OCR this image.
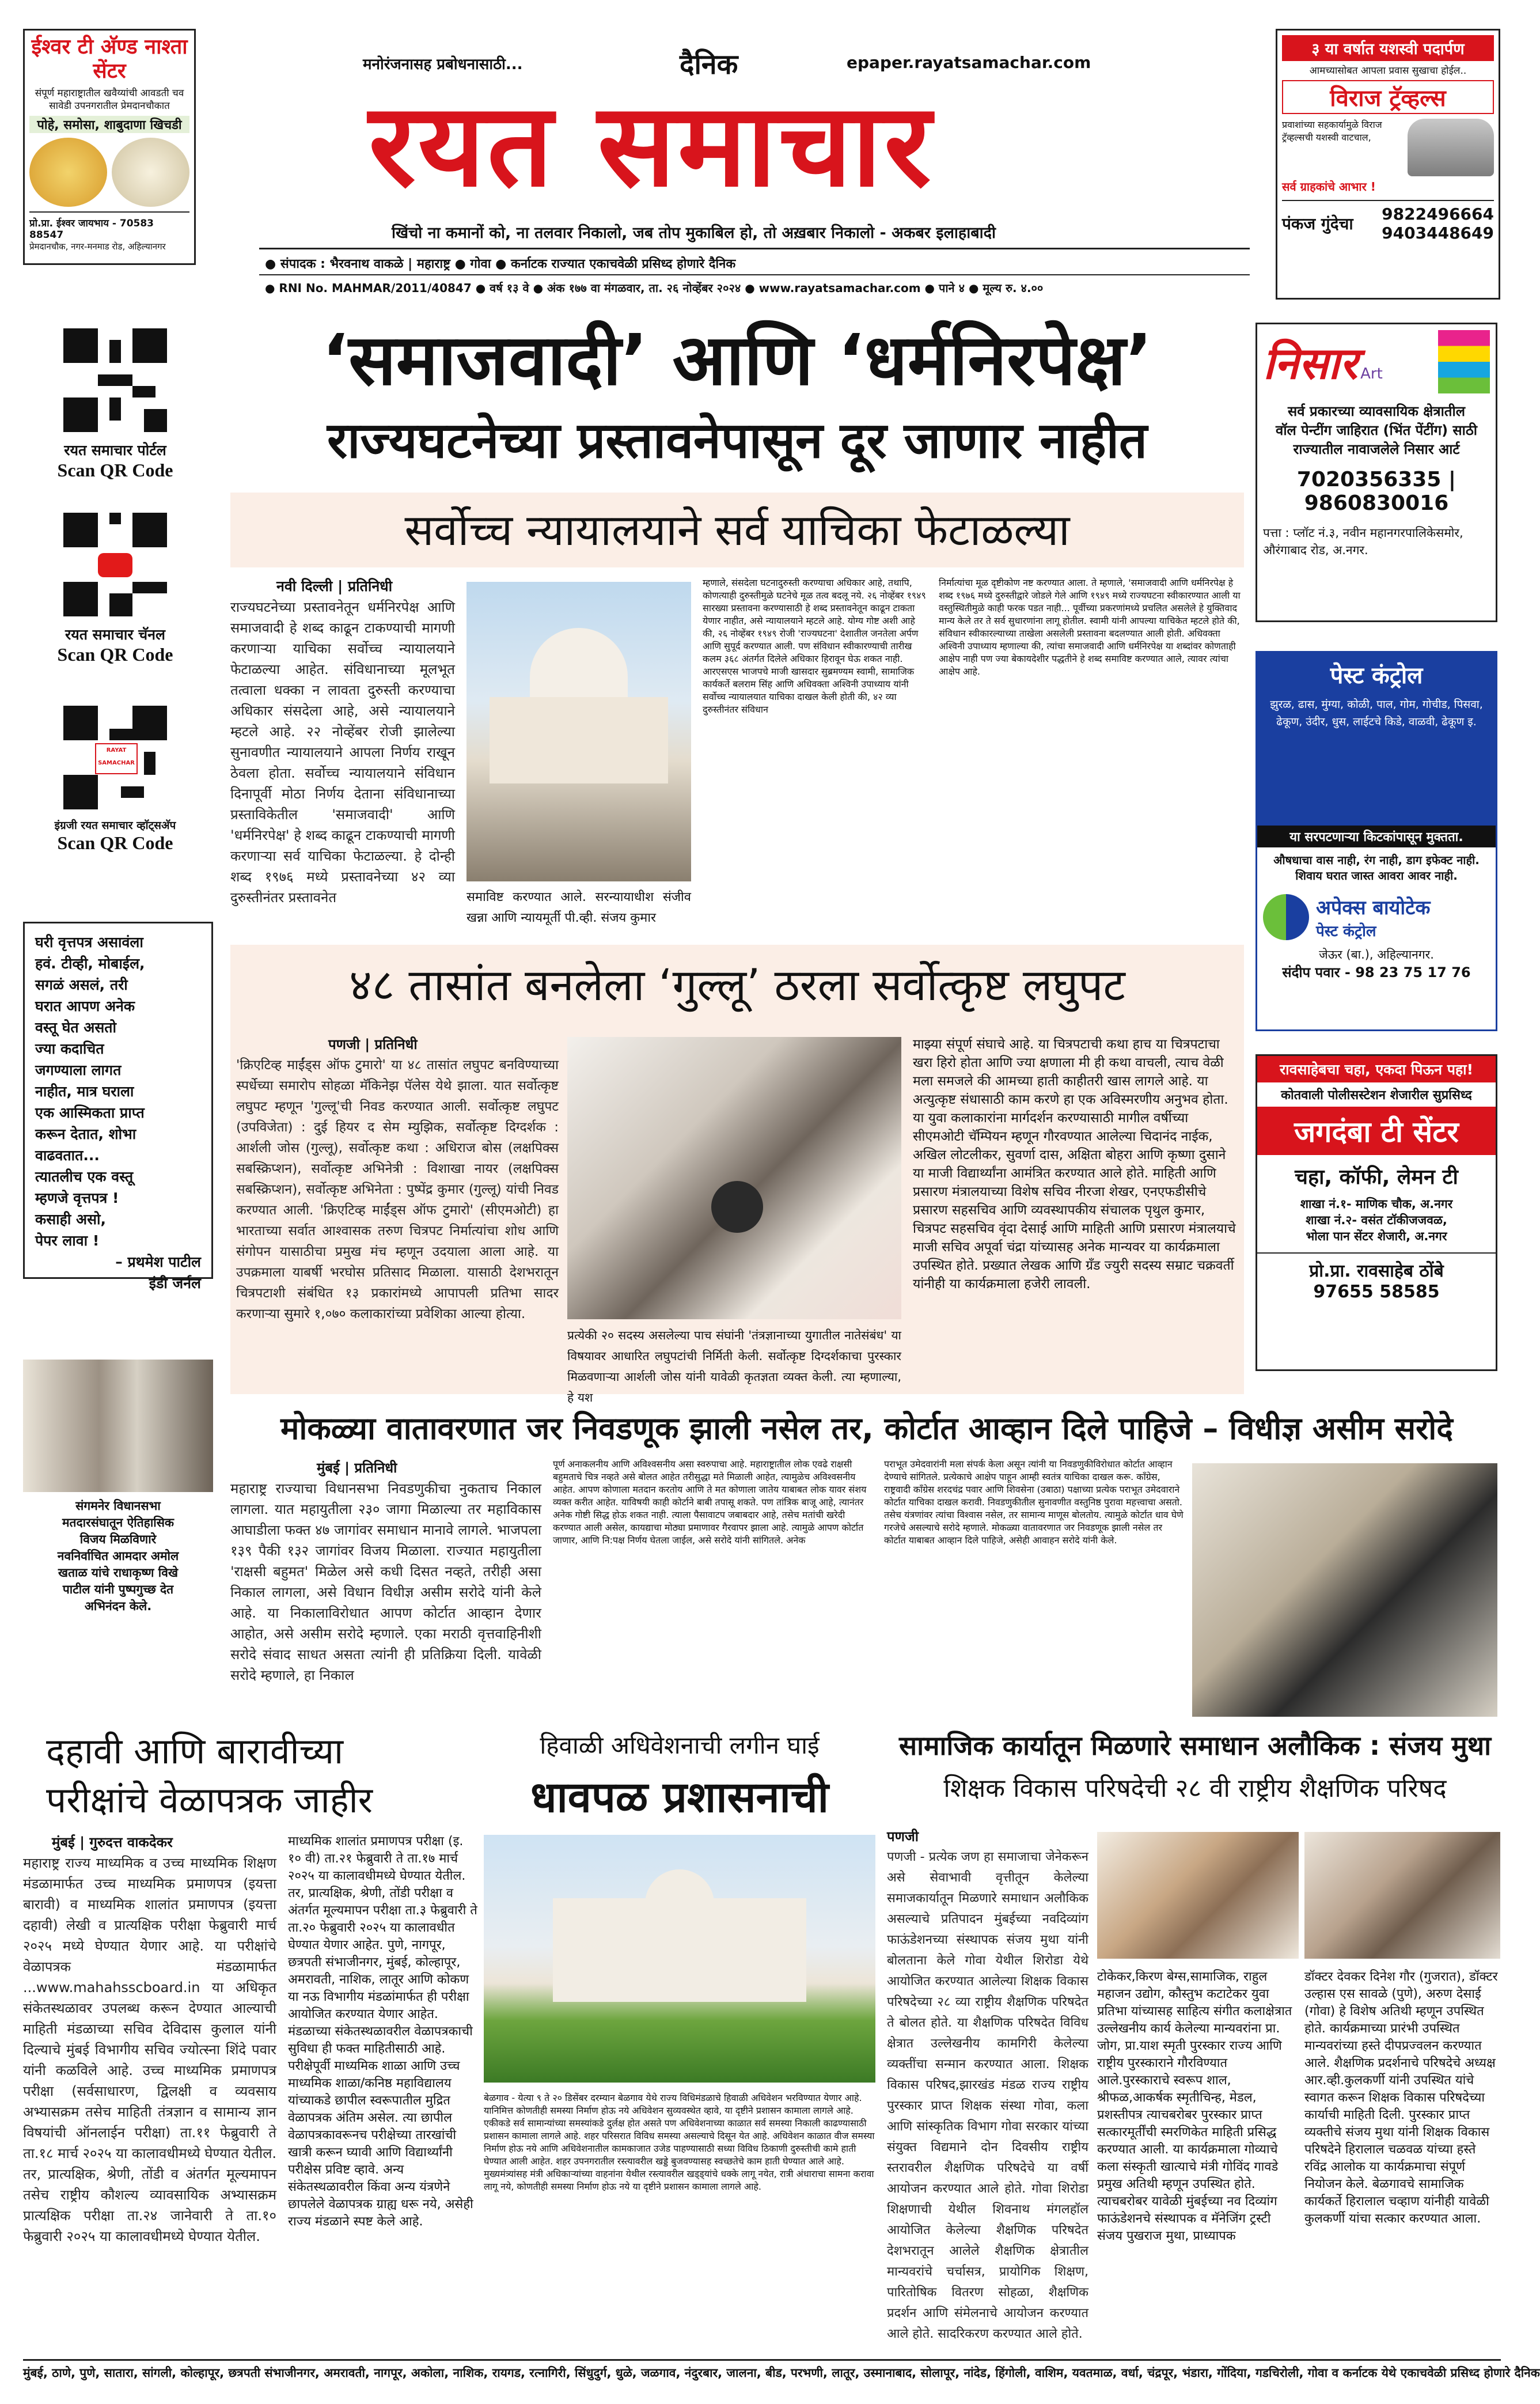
ईश्वर टी अ‍ॅण्ड नाश्ता सेंटर
संपूर्ण महाराष्ट्रातील खवैय्यांची आवडती चव सावेडी उपनगरातील प्रेमदानचौकात
पोहे, समोसा, शाबुदाणा खिचडी
प्रो.प्रा. ईश्वर जायभाय - 70583 88547
प्रेमदानचौक, नगर-मनमाड रोड, अहिल्यानगर
मनोरंजनासह प्रबोधनासाठी...	दैनिक	epaper.rayatsamachar.com
रयत समाचार
खिंचो ना कमानों को, ना तलवार निकालो, जब तोप मुकाबिल हो, तो अख़बार निकालो - अकबर इलाहाबादी
● संपादक : भैरवनाथ वाकळे | महाराष्ट्र ● गोवा ● कर्नाटक राज्यात एकाचवेळी प्रसिध्द होणारे दैनिक
● RNI No. MAHMAR/2011/40847 ● वर्ष १३ वे ● अंक १७७ वा मंगळवार, ता. २६ नोव्हेंबर २०२४ ● www.rayatsamachar.com ● पाने ४ ● मूल्य रु. ४.००
३ या वर्षात यशस्वी पदार्पण
आमच्यासोबत आपला प्रवास सुखाचा होईल..
विराज ट्रॅव्हल्स
प्रवाशांच्या सहकार्यामुळे विराज ट्रॅव्हल्सची यशस्वी वाटचाल,
सर्व ग्राहकांचे आभार !
पंकज गुंदेचा
9822496664
9403448649
रयत समाचार पोर्टल
Scan QR Code
रयत समाचार चॅनल
Scan QR Code
RAYAT SAMACHAR
इंग्रजी रयत समाचार व्हाॅट्सअ‍ॅप
Scan QR Code
घरी वृत्तपत्र असावंला
हवं. टीव्ही, मोबाईल,
सगळं असलं, तरी
घरात आपण अनेक
वस्तू घेत असतो
ज्या कदाचित
जगण्याला लागत
नाहीत, मात्र घराला
एक आस्मिकता प्राप्त
करून देतात, शोभा
वाढवतात...
त्यातलीच एक वस्तू
म्हणजे वृत्तपत्र !
कसाही असो,
पेपर लावा !
– प्रथमेश पाटील
इंडी जर्नल
संगमनेर विधानसभा
मतदारसंघातून ऐतिहासिक
विजय मिळविणारे
नवनिर्वाचित आमदार अमोल
खताळ यांचे राधाकृष्ण विखे
पाटील यांनी पुष्पगुच्छ देत
अभिनंदन केले.
‘समाजवादी’ आणि ‘धर्मनिरपेक्ष’
राज्यघटनेच्या प्रस्तावनेपासून दूर जाणार नाहीत
सर्वोच्च न्यायालयाने सर्व याचिका फेटाळल्या
नवी दिल्ली | प्रतिनिधी
राज्यघटनेच्या प्रस्तावनेतून धर्मनिरपेक्ष आणि समाजवादी हे शब्द काढून टाकण्याची मागणी करणाऱ्या याचिका सर्वोच्च न्यायालयाने फेटाळल्या आहेत. संविधानाच्या मूलभूत तत्वाला धक्का न लावता दुरुस्ती करण्याचा अधिकार संसदेला आहे, असे न्यायालयाने म्हटले आहे. २२ नोव्हेंबर रोजी झालेल्या सुनावणीत न्यायालयाने आपला निर्णय राखून ठेवला होता. सर्वोच्च न्यायालयाने संविधान दिनापूर्वी मोठा निर्णय देताना संविधानाच्या प्रस्ताविकेतील 'समाजवादी' आणि 'धर्मनिरपेक्ष' हे शब्द काढून टाकण्याची मागणी करणाऱ्या सर्व याचिका फेटाळल्या. हे दोन्ही शब्द १९७६ मध्ये प्रस्तावनेच्या ४२ व्या दुरुस्तीनंतर प्रस्तावनेत	समाविष्ट करण्यात आले. सरन्यायाधीश संजीव खन्ना आणि न्यायमूर्ती पी.व्ही. संजय कुमार
म्हणाले, संसदेला घटनादुरुस्ती करण्याचा अधिकार आहे, तथापि, कोणत्याही दुरुस्तीमुळे घटनेचे मूळ तत्व बदलू नये. २६ नोव्हेंबर १९४९ सारख्या प्रस्तावना करण्यासाठी हे शब्द प्रस्तावनेतून काढून टाकता येणार नाहीत, असे न्यायालयाने म्हटले आहे. योग्य गोष्ट अशी आहे की, २६ नोव्हेंबर १९४९ रोजी 'राज्यघटना' देशातील जनतेला अर्पण आणि सुपूर्द करण्यात आली. पण संविधान स्वीकारण्याची तारीख कलम ३६८ अंतर्गत दिलेले अधिकार हिरावून घेऊ शकत नाही. आरएसएस भाजपचे माजी खासदार सुब्रमण्यम स्वामी, सामाजिक कार्यकर्ते बलराम सिंह आणि अधिवक्ता अश्विनी उपाध्याय यांनी सर्वोच्च न्यायालयात याचिका दाखल केली होती की, ४२ व्या दुरुस्तीनंतर संविधान
निर्मात्यांचा मूळ दृष्टीकोण नष्ट करण्यात आला. ते म्हणाले, 'समाजवादी आणि धर्मनिरपेक्ष हे शब्द १९७६ मध्ये दुरुस्तीद्वारे जोडले गेले आणि १९४९ मध्ये राज्यघटना स्वीकारण्यात आली या वस्तुस्थितीमुळे काही फरक पडत नाही... पूर्वीच्या प्रकरणांमध्ये प्रचलित असलेले हे युक्तिवाद मान्य केले तर ते सर्व सुधारणांना लागू होतील. स्वामी यांनी आपल्या याचिकेत म्हटले होते की, संविधान स्वीकारल्याच्या ताखेला असलेली प्रस्तावना बदलण्यात आली होती. अधिवक्ता अश्विनी उपाध्याय म्हणाल्या की, त्यांचा समाजवादी आणि धर्मनिरपेक्ष या शब्दांवर कोणताही आक्षेप नाही पण ज्या बेकायदेशीर पद्धतीने हे शब्द समाविष्ट करण्यात आले, त्यावर त्यांचा आक्षेप आहे.
निसार Art
सर्व प्रकारच्या व्यावसायिक क्षेत्रातील
वॉल पेन्टींग जाहिरात (भिंत पेंटींग) साठी
राज्यातील नावाजलेले निसार आर्ट
7020356335 | 9860830016
पत्ता : प्लॉट नं.३, नवीन महानगरपालिकेसमोर, औरंगाबाद रोड, अ.नगर.
पेस्ट कंट्रोल
झुरळ, ढास, मुंग्या, कोळी, पाल, गोम, गोचीड, पिसवा, ढेकूण, उंदीर, धुस, लाईटचे किडे, वाळवी, ढेकूण इ.
या सरपटणाऱ्या किटकांपासून मुक्तता.
औषधाचा वास नाही, रंग नाही, डाग इफेक्ट नाही.
शिवाय घरात जास्त आवरा आवर नाही.
अपेक्स बायोटेक
पेस्ट कंट्रोल
जेऊर (बा.), अहिल्यानगर.
संदीप पवार - 98 23 75 17 76
रावसाहेबचा चहा, एकदा पिऊन पहा!
कोतवाली पोलीसस्टेशन शेजारील सुप्रसिध्द
जगदंबा टी सेंटर
चहा, कॉफी, लेमन टी
शाखा नं.१- माणिक चौक, अ.नगर
शाखा नं.२- वसंत टॉकीजजवळ,
भोला पान सेंटर शेजारी, अ.नगर
प्रो.प्रा. रावसाहेब ठोंबे
97655 58585
४८ तासांत बनलेला ‘गुल्लू’ ठरला सर्वोत्कृष्ट लघुपट
पणजी | प्रतिनिधी
'क्रिएटिव्ह माईंड्स ऑफ टुमारो' या ४८ तासांत लघुपट बनविण्याच्या स्पर्धेच्या समारोप सोहळा मॅकिनेझ पॅलेस येथे झाला. यात सर्वोत्कृष्ट लघुपट म्हणून 'गुल्लू'ची निवड करण्यात आली. सर्वोत्कृष्ट लघुपट (उपविजेता) : दुई हियर द सेम म्युझिक, सर्वोत्कृष्ट दिग्दर्शक : आर्शली जोस (गुल्लू), सर्वोत्कृष्ट कथा : अधिराज बोस (लक्षपिक्स सबस्क्रिप्शन), सर्वोत्कृष्ट अभिनेत्री : विशाखा नायर (लक्षपिक्स सबस्क्रिप्शन), सर्वोत्कृष्ट अभिनेता : पुष्पेंद्र कुमार (गुल्लू) यांची निवड करण्यात आली. 'क्रिएटिव्ह माईंड्स ऑफ टुमारो' (सीएमओटी) हा भारताच्या सर्वात आश्वासक तरुण चित्रपट निर्मात्यांचा शोध आणि संगोपन यासाठीचा प्रमुख मंच म्हणून उदयाला आला आहे. या उपक्रमाला याबर्षी भरघोस प्रतिसाद मिळाला. यासाठी देशभरातून चित्रपटाशी संबंधित १३ प्रकारांमध्ये आपापली प्रतिभा सादर करणाऱ्या सुमारे १,०७० कलाकारांच्या प्रवेशिका आल्या होत्या.
प्रत्येकी २० सदस्य असलेल्या पाच संघांनी 'तंत्रज्ञानाच्या युगातील नातेसंबंध' या विषयावर आधारित लघुपटांची निर्मिती केली. सर्वोत्कृष्ट दिग्दर्शकाचा पुरस्कार मिळवणाऱ्या आर्शली जोस यांनी यावेळी कृतज्ञता व्यक्त केली. त्या म्हणाल्या, हे यश
माझ्या संपूर्ण संघाचे आहे. या चित्रपटाची कथा हाच या चित्रपटाचा खरा हिरो होता आणि ज्या क्षणाला मी ही कथा वाचली, त्याच वेळी मला समजले की आमच्या हाती काहीतरी खास लागले आहे. या अत्युत्कृष्ट संधासाठी काम करणे हा एक अविस्मरणीय अनुभव होता. या युवा कलाकारांना मार्गदर्शन करण्यासाठी मागील वर्षीच्या सीएमओटी चॅम्पियन म्हणून गौरवण्यात आलेल्या चिदानंद नाईक, अखिल लोटलीकर, सुवर्णा दास, अक्षिता बोहरा आणि कृष्णा दुसाने या माजी विद्यार्थ्यांना आमंत्रित करण्यात आले होते. माहिती आणि प्रसारण मंत्रालयाच्या विशेष सचिव नीरजा शेखर, एनएफडीसीचे प्रसारण सहसचिव आणि व्यवस्थापकीय संचालक पृथुल कुमार, चित्रपट सहसचिव वृंदा देसाई आणि माहिती आणि प्रसारण मंत्रालयाचे माजी सचिव अपूर्वा चंद्रा यांच्यासह अनेक मान्यवर या कार्यक्रमाला उपस्थित होते. प्रख्यात लेखक आणि ग्रँड ज्युरी सदस्य सम्राट चक्रवर्ती यांनीही या कार्यक्रमाला हजेरी लावली.
मोकळ्या वातावरणात जर निवडणूक झाली नसेल तर, कोर्टात आव्हान दिले पाहिजे – विधीज्ञ असीम सरोदे
मुंबई | प्रतिनिधी
महाराष्ट्र राज्याचा विधानसभा निवडणुकीचा नुकताच निकाल लागला. यात महायुतीला २३० जागा मिळाल्या तर महाविकास आघाडीला फक्त ४७ जागांवर समाधान मानावे लागले. भाजपला १३९ पैकी १३२ जागांवर विजय मिळाला. राज्यात महायुतीला 'राक्षसी बहुमत' मिळेल असे कधी दिसत नव्हते, तरीही असा निकाल लागला, असे विधान विधीज्ञ असीम सरोदे यांनी केले आहे. या निकालाविरोधात आपण कोर्टात आव्हान देणार आहोत, असे असीम सरोदे म्हणाले. एका मराठी वृत्तवाहिनीशी सरोदे संवाद साधत असता त्यांनी ही प्रतिक्रिया दिली. यावेळी सरोदे म्हणाले, हा निकाल
पूर्ण अनाकलनीय आणि अविश्वसनीय असा स्वरुपाचा आहे. महाराष्ट्रातील लोक एवढे राक्षसी बहुमताचे चित्र नव्हते असे बोलत आहेत तरीसुद्धा मते मिळाली आहेत, त्यामुळेच अविश्वसनीय आहेत. आपण कोणाला मतदान करतोय आणि ते मत कोणाला जातेय याबाबत लोक यावर संशय व्यक्त करीत आहेत. याविषयी काही कोर्टाने बाबी तपासू शकते. पण तांत्रिक बाजू आहे, त्यानंतर अनेक गोष्टी सिद्ध होऊ शकत नाही. त्याला पैसावाटप जबाबदार आहे, तसेच मतांची खरेदी करण्यात आली असेल, कायद्याचा मोठ्या प्रमाणावर गैरवापर झाला आहे. त्यामुळे आपण कोर्टात जाणार, आणि नि:पक्ष निर्णय घेतला जाईल, असे सरोदे यांनी सांगितले. अनेक
पराभूत उमेदवारांनी मला संपर्क केला असून त्यांनी या निवडणुकीविरोधात कोर्टात आव्हान देण्याचे सांगितले. प्रत्येकाचे आक्षेप पाहून आम्ही स्वतंत्र याचिका दाखल करू. काँग्रेस, राष्ट्रवादी काँग्रेस शरदचंद्र पवार आणि शिवसेना (उबाठा) पक्षाच्या प्रत्येक पराभूत उमेदवाराने कोर्टात याचिका दाखल करावी. निवडणुकीतील सुनावणीत वस्तुनिष्ठ पुरावा महत्त्वाचा असतो. तसेच यंत्रणांवर त्यांचा विश्वास नसेल, तर सामान्य माणूस बोलतोय. त्यामुळे कोर्टात धाव घेणे गरजेचे असल्याचे सरोदे म्हणाले. मोकळ्या वातावरणात जर निवडणूक झाली नसेल तर कोर्टात याबाबत आव्हान दिले पाहिजे, असेही आवाहन सरोदे यांनी केले.
दहावी आणि बारावीच्या
परीक्षांचे वेळापत्रक जाहीर
मुंबई | गुरुदत्त वाकदेकर
महाराष्ट्र राज्य माध्यमिक व उच्च माध्यमिक शिक्षण मंडळामार्फत उच्च माध्यमिक प्रमाणपत्र (इयत्ता बारावी) व माध्यमिक शालांत प्रमाणपत्र (इयत्ता दहावी) लेखी व प्रात्यक्षिक परीक्षा फेब्रुवारी मार्च २०२५ मध्ये घेण्यात येणार आहे. या परीक्षांचे वेळापत्रक मंडळामार्फत ...www.mahahsscboard.in या अधिकृत संकेतस्थळावर उपलब्ध करून देण्यात आल्याची माहिती मंडळाच्या सचिव देविदास कुलाल यांनी दिल्याचे मुंबई विभागीय सचिव ज्योत्स्ना शिंदे पवार यांनी कळविले आहे. उच्च माध्यमिक प्रमाणपत्र परीक्षा (सर्वसाधारण, द्विलक्षी व व्यवसाय अभ्यासक्रम तसेच माहिती तंत्रज्ञान व सामान्य ज्ञान विषयांची ऑनलाईन परीक्षा) ता.११ फेब्रुवारी ते ता.१८ मार्च २०२५ या कालावधीमध्ये घेण्यात येतील. तर, प्रात्यक्षिक, श्रेणी, तोंडी व अंतर्गत मूल्यमापन तसेच राष्ट्रीय कौशल्य व्यावसायिक अभ्यासक्रम प्रात्यक्षिक परीक्षा ता.२४ जानेवारी ते ता.१० फेब्रुवारी २०२५ या कालावधीमध्ये घेण्यात येतील.
माध्यमिक शालांत प्रमाणपत्र परीक्षा (इ. १० वी) ता.२१ फेब्रुवारी ते ता.१७ मार्च २०२५ या कालावधीमध्ये घेण्यात येतील. तर, प्रात्यक्षिक, श्रेणी, तोंडी परीक्षा व अंतर्गत मूल्यमापन परीक्षा ता.३ फेब्रुवारी ते ता.२० फेब्रुवारी २०२५ या कालावधीत घेण्यात येणार आहेत. पुणे, नागपूर, छत्रपती संभाजीनगर, मुंबई, कोल्हापूर, अमरावती, नाशिक, लातूर आणि कोकण या नऊ विभागीय मंडळांमार्फत ही परीक्षा आयोजित करण्यात येणार आहेत. मंडळाच्या संकेतस्थळावरील वेळापत्रकाची सुविधा ही फक्त माहितीसाठी आहे. परीक्षेपूर्वी माध्यमिक शाळा आणि उच्च माध्यमिक शाळा/कनिष्ठ महाविद्यालय यांच्याकडे छापील स्वरूपातील मुद्रित वेळापत्रक अंतिम असेल. त्या छापील वेळापत्रकावरूनच परीक्षेच्या तारखांची खात्री करून घ्यावी आणि विद्यार्थ्यांनी परीक्षेस प्रविष्ट व्हावे. अन्य संकेतस्थळावरील किंवा अन्य यंत्रणेने छापलेले वेळापत्रक ग्राह्य धरू नये, असेही राज्य मंडळाने स्पष्ट केले आहे.
हिवाळी अधिवेशनाची लगीन घाई
धावपळ प्रशासनाची
बेळगाव - येत्या ९ ते २० डिसेंबर दरम्यान बेळगाव येथे राज्य विधिमंडळाचे हिवाळी अधिवेशन भरविण्यात येणार आहे. यानिमित्त कोणतीही समस्या निर्माण होऊ नये अधिवेशन सुव्यवस्थेत व्हावे, या दृष्टीने प्रशासन कामाला लागले आहे. एकीकडे सर्व सामान्यांच्या समस्यांकडे दुर्लक्ष होत असते पण अधिवेशनाच्या काळात सर्व समस्या निकाली काढण्यासाठी प्रशासन कामाला लागले आहे. शहर परिसरात विविध समस्या असल्याचे दिसून येत आहे. अधिवेशन काळात वीज समस्या निर्माण होऊ नये आणि अधिवेशनातील कामकाजात उजेड पाहण्यासाठी सध्या विविध ठिकाणी दुरुस्तीची कामे हाती घेण्यात आली आहेत. शहर उपनगरातील रस्त्यावरील खड्डे बुजवण्यासह स्वच्छतेचे काम हाती घेण्यात आले आहे. मुख्यमंत्र्यांसह मंत्री अधिकाऱ्यांच्या वाहनांना येथील रस्त्यावरील खड्ड्यांचे धक्के लागू नयेत, रात्री अंधाराचा सामना करावा लागू नये, कोणतीही समस्या निर्माण होऊ नये या दृष्टीने प्रशासन कामाला लागले आहे.
सामाजिक कार्यातून मिळणारे समाधान अलौकिक : संजय मुथा
शिक्षक विकास परिषदेची २८ वी राष्ट्रीय शैक्षणिक परिषद
पणजी
पणजी - प्रत्येक जण हा समाजाचा जेनेकरून असे सेवाभावी वृत्तीतून केलेल्या समाजकार्यातून मिळणारे समाधान अलौकिक असल्याचे प्रतिपादन मुंबईच्या नवदिव्यांग फाऊंडेशनच्या संस्थापक संजय मुथा यांनी बोलताना केले गोवा येथील शिरोडा येथे आयोजित करण्यात आलेल्या शिक्षक विकास परिषदेच्या २८ व्या राष्ट्रीय शैक्षणिक परिषदेत ते बोलत होते. या शैक्षणिक परिषदेत विविध क्षेत्रात उल्लेखनीय कामगिरी केलेल्या व्यक्तींचा सन्मान करण्यात आला. शिक्षक विकास परिषद,झारखंड मंडळ राज्य राष्ट्रीय पुरस्कार प्राप्त शिक्षक संस्था गोवा, कला आणि सांस्कृतिक विभाग गोवा सरकार यांच्या संयुक्त विद्यमाने दोन दिवसीय राष्ट्रीय स्तरावरील शैक्षणिक परिषदेचे या वर्षी आयोजन करण्यात आले होते. गोवा शिरोडा शिक्षणाची येथील शिवनाथ मंगलहॉल आयोजित केलेल्या शैक्षणिक परिषदेत देशभरातून आलेले शैक्षणिक क्षेत्रातील मान्यवरांचे चर्चासत्र, प्रायोगिक शिक्षण, पारितोषिक वितरण सोहळा, शैक्षणिक प्रदर्शन आणि संमेलनाचे आयोजन करण्यात आले होते. सादरिकरण करण्यात आले होते.
टोकेकर,किरण बेग्स,सामाजिक, राहुल महाजन उद्योग, कौस्तुभ कटाटेकर युवा प्रतिभा यांच्यासह साहित्य संगीत कलाक्षेत्रात उल्लेखनीय कार्य केलेल्या मान्यवरांना प्रा. जोग, प्रा.याश स्मृती पुरस्कार राज्य आणि राष्ट्रीय पुरस्काराने गौरविण्यात आले.पुरस्काराचे स्वरूप शाल, श्रीफळ,आकर्षक स्मृतीचिन्ह, मेडल, प्रशस्तीपत्र त्याचबरोबर पुरस्कार प्राप्त सत्कारमूर्तींची स्मरणिकेत माहिती प्रसिद्ध करण्यात आली. या कार्यक्रमाला गोव्याचे कला संस्कृती खात्याचे मंत्री गोविंद गावडे प्रमुख अतिथी म्हणून उपस्थित होते. त्याचबरोबर यावेळी मुंबईच्या नव दिव्यांग फाऊंडेशनचे संस्थापक व मॅनेजिंग ट्रस्टी संजय पुखराज मुथा, प्राध्यापक
डॉक्टर देवकर दिनेश गौर (गुजरात), डॉक्टर उल्हास एस सावळे (पुणे), अरुण देसाई (गोवा) हे विशेष अतिथी म्हणून उपस्थित होते. कार्यक्रमाच्या प्रारंभी उपस्थित मान्यवरांच्या हस्ते दीपप्रज्वलन करण्यात आले. शैक्षणिक प्रदर्शनाचे परिषदेचे अध्यक्ष आर.व्ही.कुलकर्णी यांनी उपस्थित यांचे स्वागत करून शिक्षक विकास परिषदेच्या कार्याची माहिती दिली. पुरस्कार प्राप्त व्यक्तीचे संजय मुथा यांनी शिक्षक विकास परिषदेने हिरालाल चळवळ यांच्या हस्ते रविंद्र आलोक या कार्यक्रमाचा संपूर्ण नियोजन केले. बेळगावचे सामाजिक कार्यकर्ते हिरालाल चव्हाण यांनीही यावेळी कुलकर्णी यांचा सत्कार करण्यात आला.
मुंबई, ठाणे, पुणे, सातारा, सांगली, कोल्हापूर, छत्रपती संभाजीनगर, अमरावती, नागपूर, अकोला, नाशिक, रायगड, रत्नागिरी, सिंधुदुर्ग, धुळे, जळगाव, नंदुरबार, जालना, बीड, परभणी, लातूर, उस्मानाबाद, सोलापूर, नांदेड, हिंगोली, वाशिम, यवतमाळ, वर्धा, चंद्रपूर, भंडारा, गोंदिया, गडचिरोली, गोवा व कर्नाटक येथे एकाचवेळी प्रसिध्द होणारे दैनिक
